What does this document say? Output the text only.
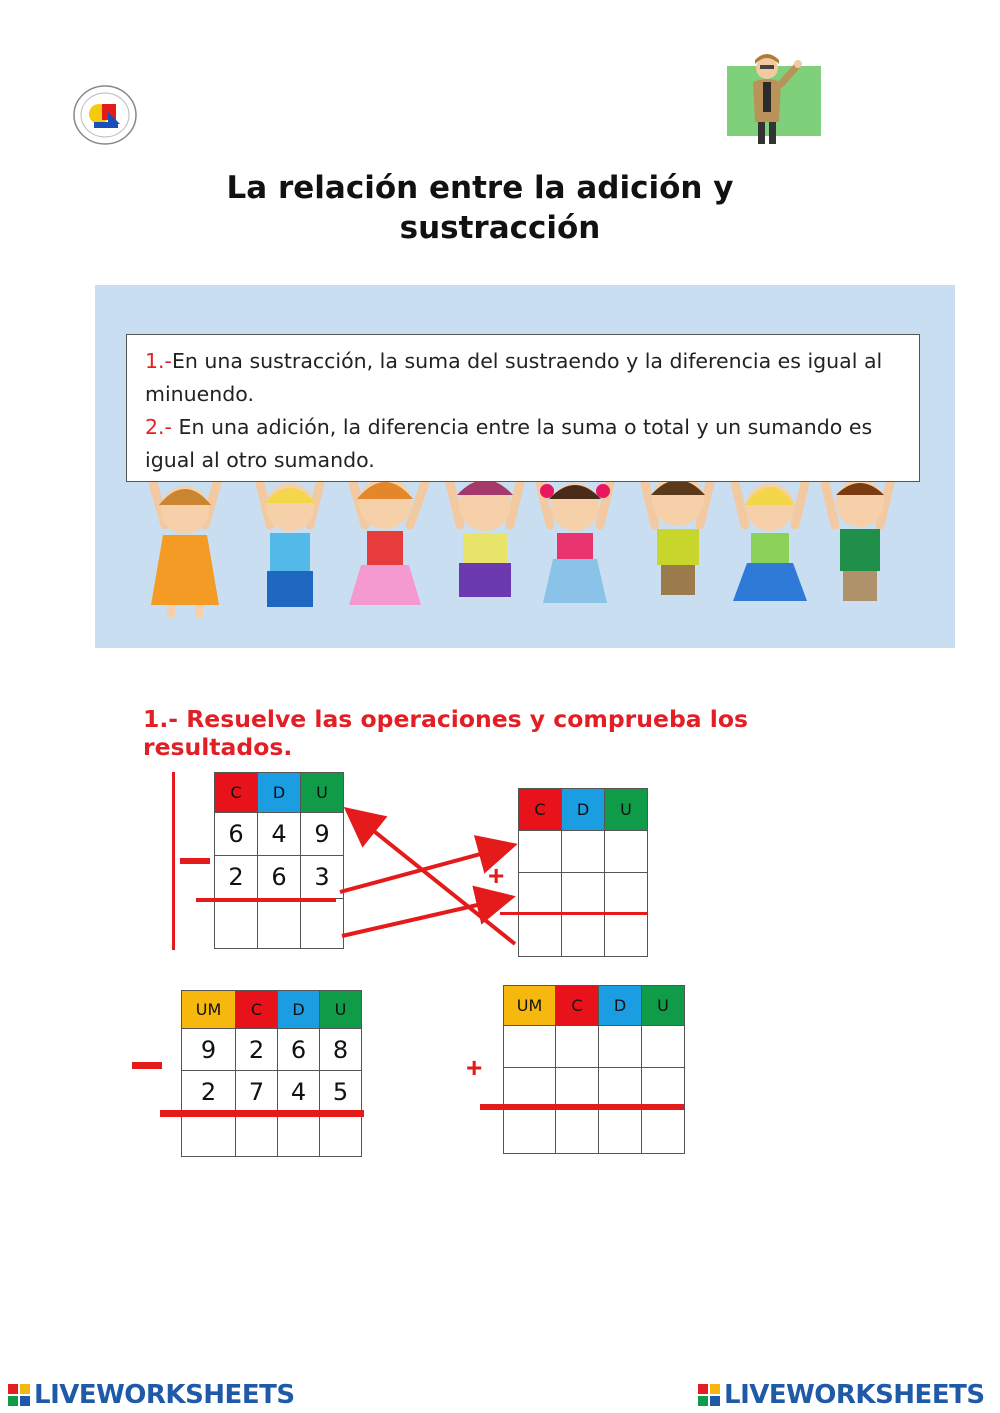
La relación entre la adición y
sustracción
1.-En una sustracción, la suma del sustraendo y la diferencia es igual al minuendo.
2.- En una adición, la diferencia entre la suma o total y un sumando es igual al otro sumando.
1.- Resuelve las operaciones y comprueba los resultados.
C	D	U
6	4	9
2	6	3

C	D	U

+
UM	C	D	U
9	2	6	8
2	7	4	5

UM	C	D	U

+
LIVEWORKSHEETS	LIVEWORKSHEETS
